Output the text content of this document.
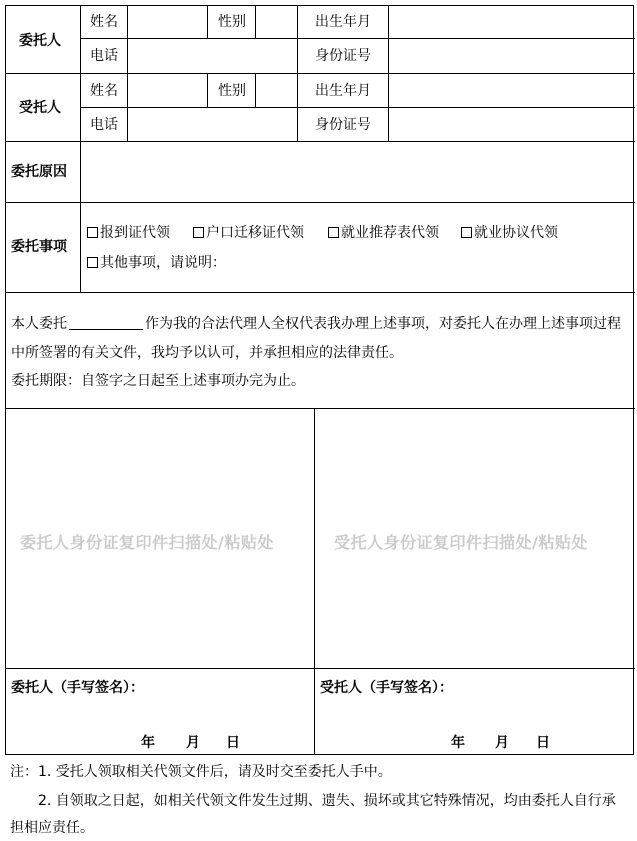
委托人
姓名	性别	出生年月
电话	身份证号
受托人
姓名	性别	出生年月
电话	身份证号
委托原因
委托事项
报到证代领	户口迁移证代领	就业推荐表代领	就业协议代领
其他事项，请说明：
本人委托	作为我的合法代理人全权代表我办理上述事项，对委托人在办理上述事项过程
中所签署的有关文件，我均予以认可，并承担相应的法律责任。
委托期限：自签字之日起至上述事项办完为止。
委托人身份证复印件扫描处/粘贴处	受托人身份证复印件扫描处/粘贴处
委托人（手写签名）：	受托人（手写签名）：
年 月 日	年 月 日
注：1. 受托人领取相关代领文件后，请及时交至委托人手中。
2. 自领取之日起，如相关代领文件发生过期、遗失、损坏或其它特殊情况，均由委托人自行承
担相应责任。
